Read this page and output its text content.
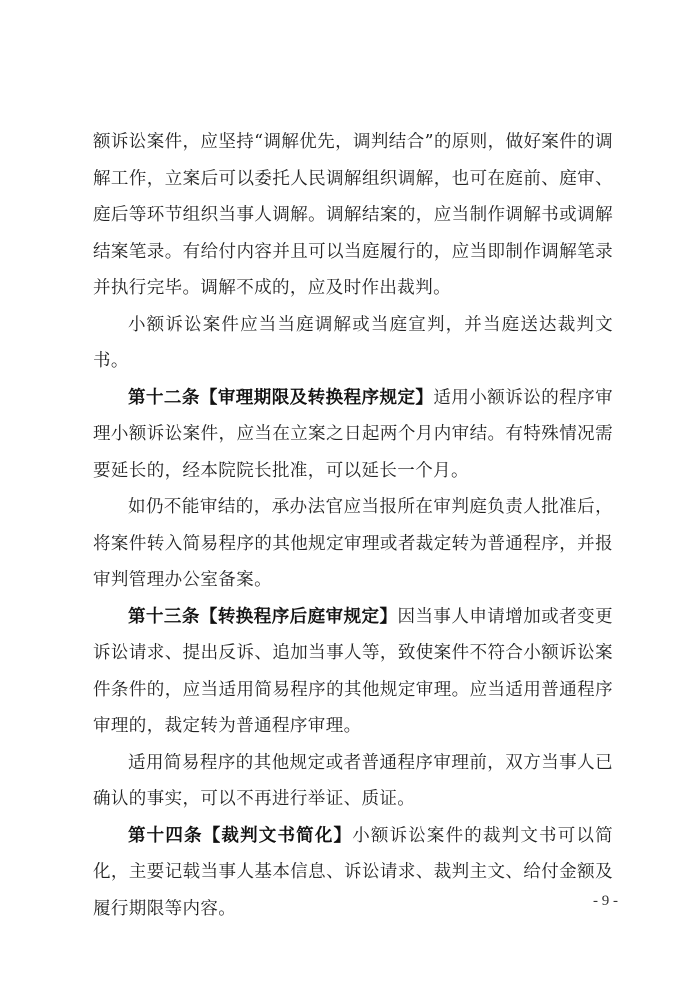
额诉讼案件，应坚持“调解优先，调判结合”的原则，做好案件的调解工作，立案后可以委托人民调解组织调解，也可在庭前、庭审、庭后等环节组织当事人调解。调解结案的，应当制作调解书或调解结案笔录。有给付内容并且可以当庭履行的，应当即制作调解笔录并执行完毕。调解不成的，应及时作出裁判。

小额诉讼案件应当当庭调解或当庭宣判，并当庭送达裁判文书。

第十二条【审理期限及转换程序规定】适用小额诉讼的程序审理小额诉讼案件，应当在立案之日起两个月内审结。有特殊情况需要延长的，经本院院长批准，可以延长一个月。

如仍不能审结的，承办法官应当报所在审判庭负责人批准后，将案件转入简易程序的其他规定审理或者裁定转为普通程序，并报审判管理办公室备案。

第十三条【转换程序后庭审规定】因当事人申请增加或者变更诉讼请求、提出反诉、追加当事人等，致使案件不符合小额诉讼案件条件的，应当适用简易程序的其他规定审理。应当适用普通程序审理的，裁定转为普通程序审理。

适用简易程序的其他规定或者普通程序审理前，双方当事人已确认的事实，可以不再进行举证、质证。

第十四条【裁判文书简化】小额诉讼案件的裁判文书可以简化，主要记载当事人基本信息、诉讼请求、裁判主文、给付金额及履行期限等内容。	- 9 -
